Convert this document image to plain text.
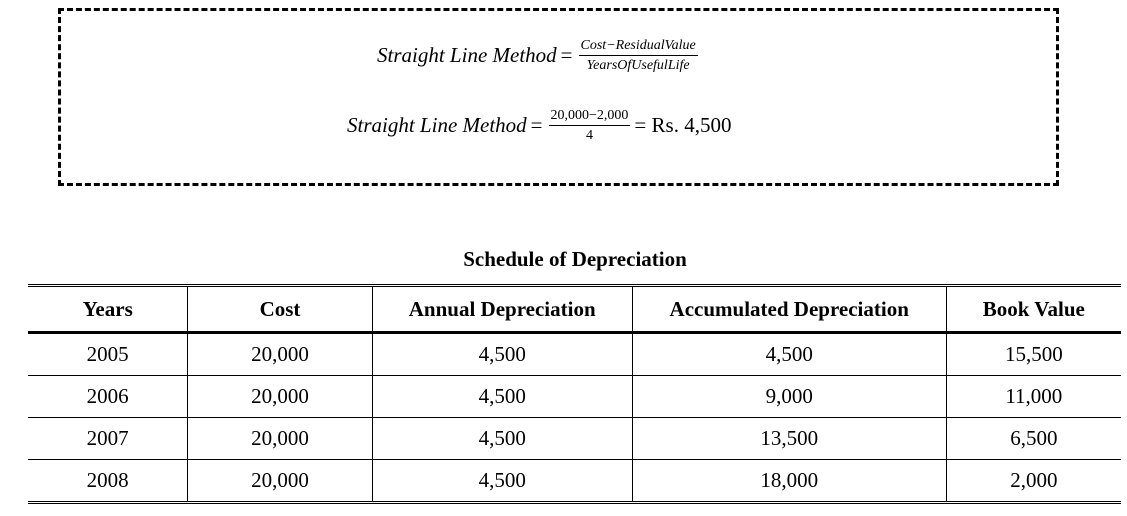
Straight Line Method = $\frac{\text{Cost−ResidualValue}}{\text{YearsOfUsefulLife}}$
Straight Line Method = $\frac{20,000-2,000}{4} = Rs$. 4,500
Schedule of Depreciation
Years	Cost	Annual Depreciation	Accumulated Depreciation	Book Value
2005	20,000	4,500	4,500	15,500
2006	20,000	4,500	9,000	11,000
2007	20,000	4,500	13,500	6,500
2008	20,000	4,500	18,000	2,000
